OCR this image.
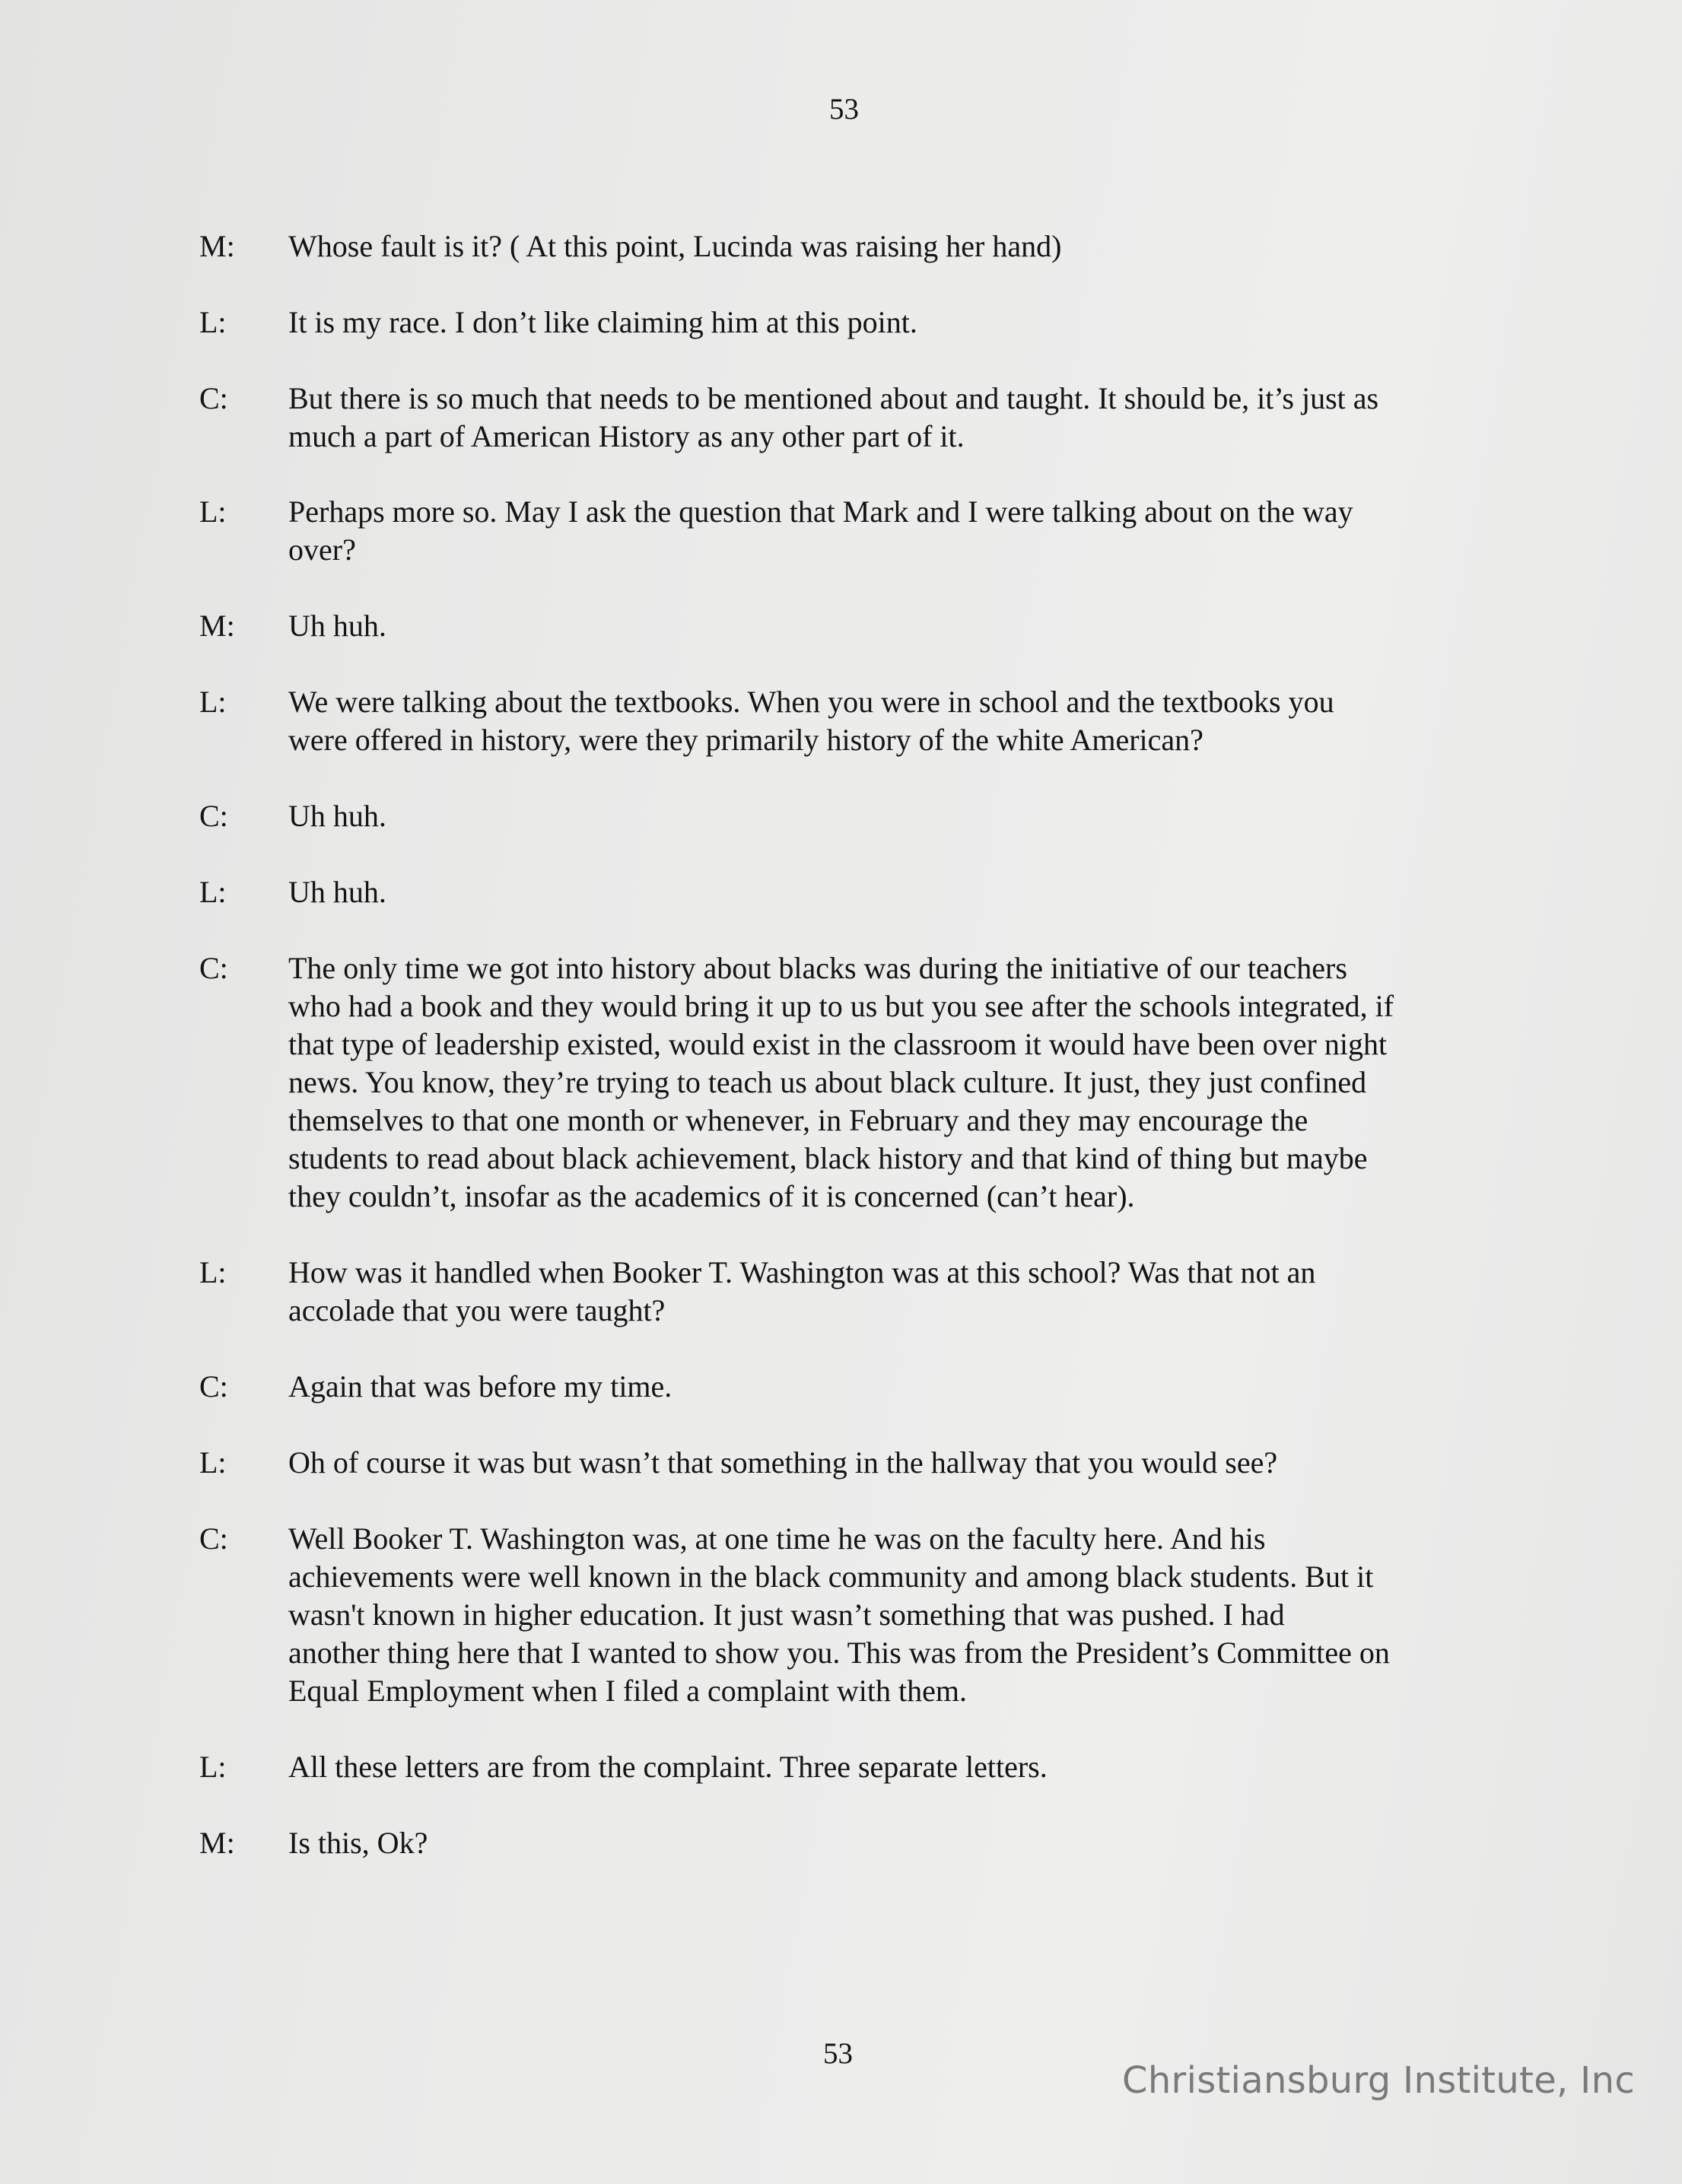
53
M:	Whose fault is it? ( At this point, Lucinda was raising her hand)
L:	It is my race. I don’t like claiming him at this point.
C:	But there is so much that needs to be mentioned about and taught. It should be, it’s just as
much a part of American History as any other part of it.
L:	Perhaps more so. May I ask the question that Mark and I were talking about on the way
over?
M:	Uh huh.
L:	We were talking about the textbooks. When you were in school and the textbooks you
were offered in history, were they primarily history of the white American?
C:	Uh huh.
L:	Uh huh.
C:	The only time we got into history about blacks was during the initiative of our teachers
who had a book and they would bring it up to us but you see after the schools integrated, if
that type of leadership existed, would exist in the classroom it would have been over night
news. You know, they’re trying to teach us about black culture. It just, they just confined
themselves to that one month or whenever, in February and they may encourage the
students to read about black achievement, black history and that kind of thing but maybe
they couldn’t, insofar as the academics of it is concerned (can’t hear).
L:	How was it handled when Booker T. Washington was at this school? Was that not an
accolade that you were taught?
C:	Again that was before my time.
L:	Oh of course it was but wasn’t that something in the hallway that you would see?
C:	Well Booker T. Washington was, at one time he was on the faculty here. And his
achievements were well known in the black community and among black students. But it
wasn't known in higher education. It just wasn’t something that was pushed. I had
another thing here that I wanted to show you. This was from the President’s Committee on
Equal Employment when I filed a complaint with them.
L:	All these letters are from the complaint. Three separate letters.
M:	Is this, Ok?
53
Christiansburg Institute, Inc
